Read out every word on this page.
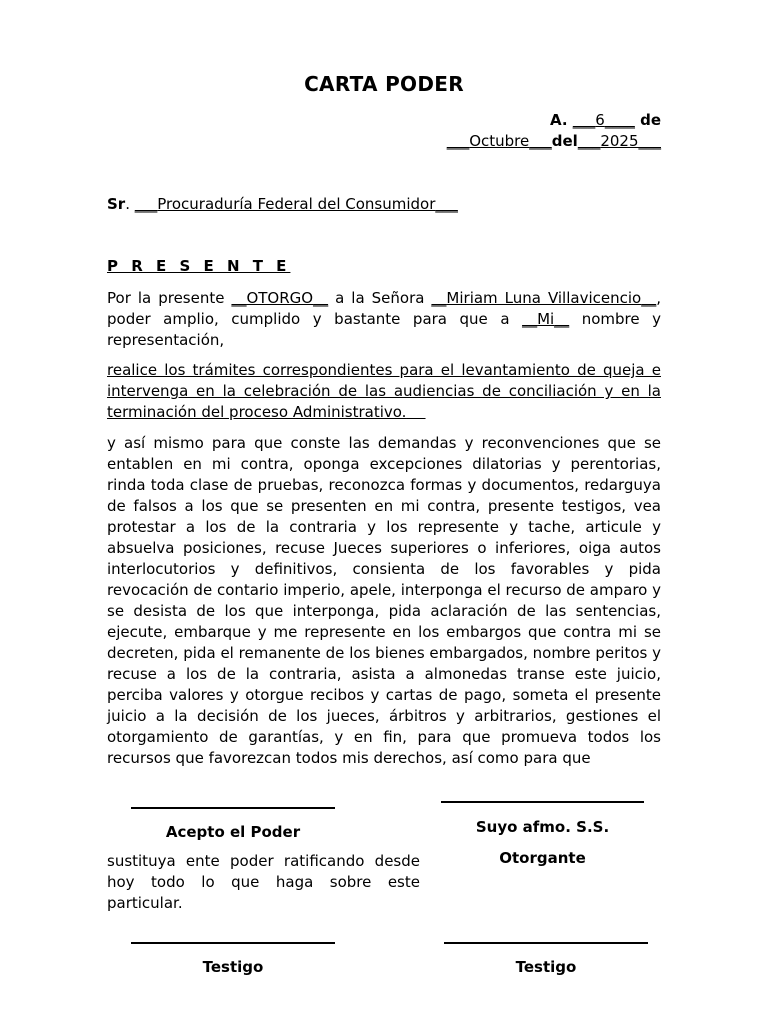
CARTA PODER
A. ___6____ de
___Octubre___del___2025___
Sr. ___Procuraduría Federal del Consumidor___
P R E S E N T E
Por la presente __OTORGO__ a la Señora __Miriam Luna Villavicencio__, poder amplio, cumplido y bastante para que a __Mi__ nombre y representación,
realice los trámites correspondientes para el levantamiento de queja e intervenga en la celebración de las audiencias de conciliación y en la terminación del proceso Administrativo.
y así mismo para que conste las demandas y reconvenciones que se entablen en mi contra, oponga excepciones dilatorias y perentorias, rinda toda clase de pruebas, reconozca formas y documentos, redarguya de falsos a los que se presenten en mi contra, presente testigos, vea protestar a los de la contraria y los represente y tache, articule y absuelva posiciones, recuse Jueces superiores o inferiores, oiga autos interlocutorios y definitivos, consienta de los favorables y pida revocación de contario imperio, apele, interponga el recurso de amparo y se desista de los que interponga, pida aclaración de las sentencias, ejecute, embarque y me represente en los embargos que contra mi se decreten, pida el remanente de los bienes embargados, nombre peritos y recuse a los de la contraria, asista a almonedas transe este juicio, perciba valores y otorgue recibos y cartas de pago, someta el presente juicio a la decisión de los jueces, árbitros y arbitrarios, gestiones el otorgamiento de garantías, y en fin, para que promueva todos los recursos que favorezcan todos mis derechos, así como para que
Acepto el Poder	Suyo afmo. S.S.
Otorgante
sustituya ente poder ratificando desde hoy todo lo que haga sobre este particular.
Testigo	Testigo
